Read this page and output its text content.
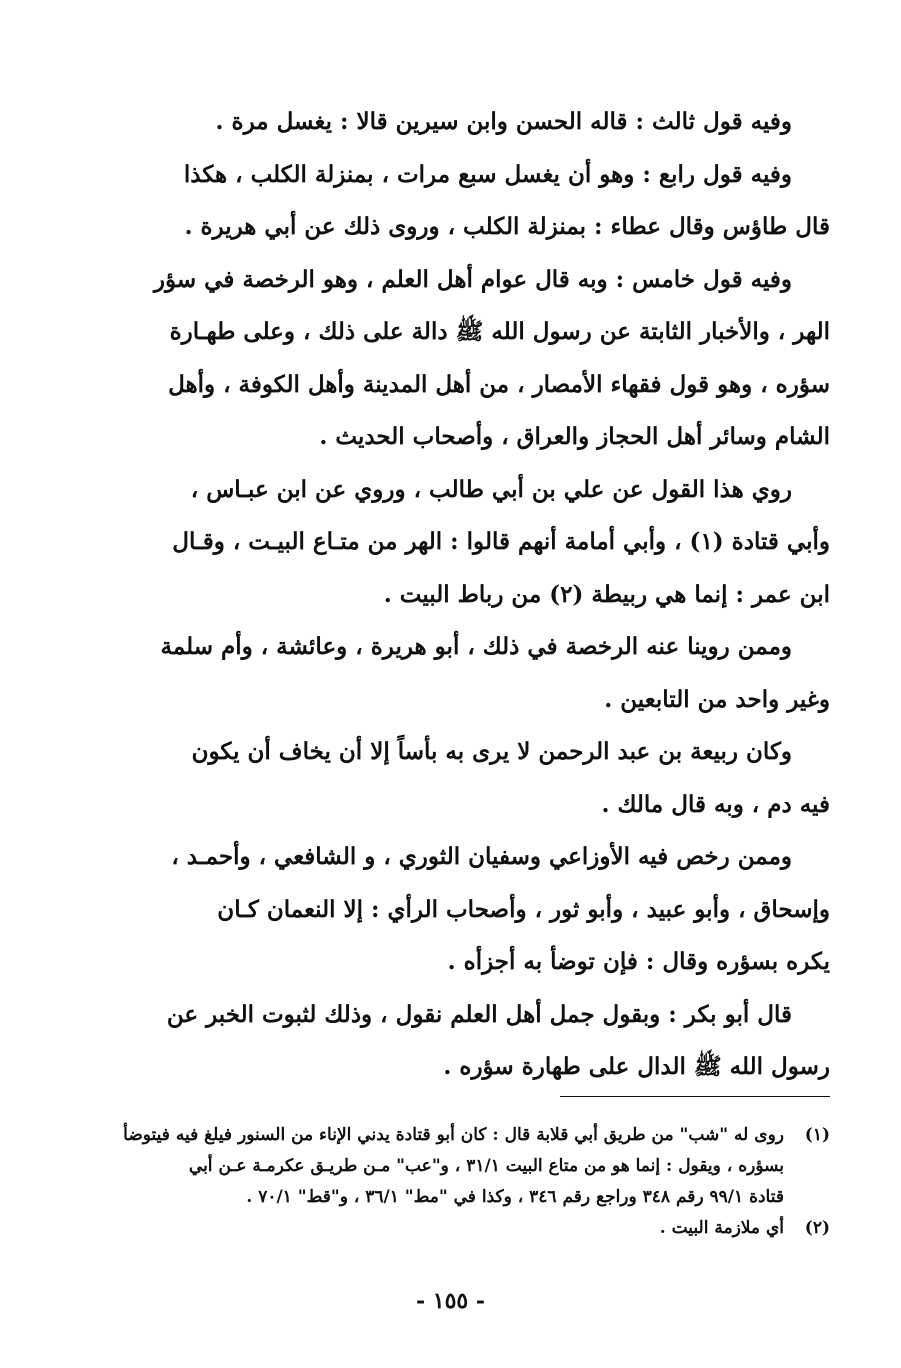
وفيه قول ثالث : قاله الحسن وابن سيرين قالا : يغسل مرة .
وفيه قول رابع : وهو أن يغسل سبع مرات ، بمنزلة الكلب ، هكذا
قال طاؤس وقال عطاء : بمنزلة الكلب ، وروى ذلك عن أبي هريرة .
وفيه قول خامس : وبه قال عوام أهل العلم ، وهو الرخصة في سؤر
الهر ، والأخبار الثابتة عن رسول الله ﷺ دالة على ذلك ، وعلى طهـارة
سؤره ، وهو قول فقهاء الأمصار ، من أهل المدينة وأهل الكوفة ، وأهل
الشام وسائر أهل الحجاز والعراق ، وأصحاب الحديث .
روي هذا القول عن علي بن أبي طالب ، وروي عن ابن عبـاس ،
وأبي قتادة (١) ، وأبي أمامة أنهم قالوا : الهر من متـاع البيـت ، وقـال
ابن عمر : إنما هي ربيطة (٢) من رباط البيت .
وممن روينا عنه الرخصة في ذلك ، أبو هريرة ، وعائشة ، وأم سلمة
وغير واحد من التابعين .
وكان ربيعة بن عبد الرحمن لا يرى به بأساً إلا أن يخاف أن يكون
فيه دم ، وبه قال مالك .
وممن رخص فيه الأوزاعي وسفيان الثوري ، و الشافعي ، وأحمـد ،
وإسحاق ، وأبو عبيد ، وأبو ثور ، وأصحاب الرأي : إلا النعمان كـان
يكره بسؤره وقال : فإن توضأ به أجزأه .
قال أبو بكر : وبقول جمل أهل العلم نقول ، وذلك لثبوت الخبر عن
رسول الله ﷺ الدال على طهارة سؤره .
(١)
روى له "شب" من طريق أبي قلابة قال : كان أبو قتادة يدني الإناء من السنور فيلغ فيه فيتوضأ
بسؤره ، ويقول : إنما هو من متاع البيت ٣١/١ ، و"عب" مـن طريـق عكرمـة عـن أبي
قتادة ٩٩/١ رقم ٣٤٨ وراجع رقم ٣٤٦ ، وكذا في "مط" ٣٦/١ ، و"قط" ٧٠/١ .
(٢)
أي ملازمة البيت .
- ١٥٥ -
